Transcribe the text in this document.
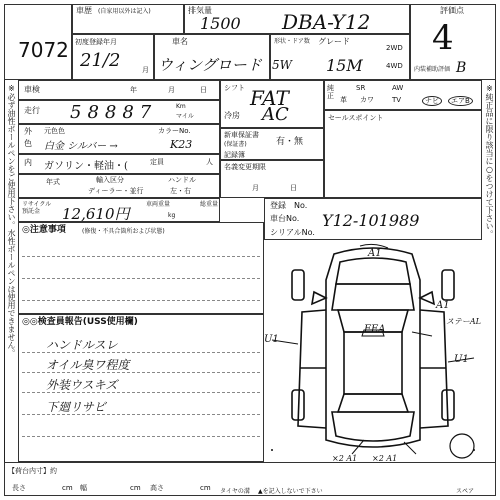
7072
車歴 (自家用以外は記入)	排気量
1500 DBA-Y12
初度登録年月
21/2	月
車名
ウィングロード
形状・ドア数
5W
グレード
15M
2WD
4WD
評価点
4
内装補助評価 B
※必ず油性ボールペンをご使用下さい。水性ボールペンは使用できません。 車検	年	月	日
走行 58887	Km
マイル
外 元色色
色 白金 シルバー →
カラーNo.
K23
内 ガソリン・軽油・(	定員	人
年式	輸入区分	ハンドル
ディーラー・並行	左・右
リサイクル預託金	12,610円
車両重量
kg
総重量
シフト FAT
冷房 AC
新車保証書
(保証書)	有・無
記録簿
名義変更期限
月	日
純正
SR	AW
革 カワ	TV	ナビ	エアB
セールスポイント	※純正品に限り該当に○をつけて下さい。
登録 No.
車台No. Y12-101989
シリアルNo.
◎注意事項	(修復・不具合箇所および状態)
◎◎検査員報告(USS使用欄)
ハンドルスレ
オイル臭ワ程度
外装ウスキズ
下廻リサビ
A1
A1
U1
U1
FEA
ステーAL
×2 A1
×2 A1
【荷台内寸】約
長さ	cm 幅	cm 高さ	cm タイヤの溝 ▲を記入しないで下さい	スペア
